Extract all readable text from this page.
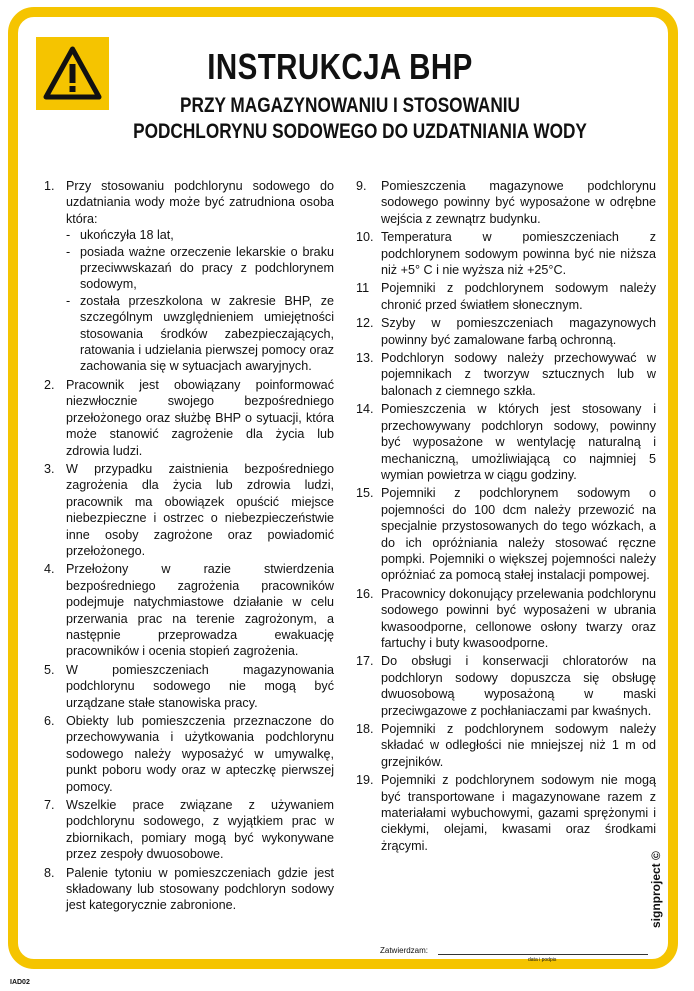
INSTRUKCJA BHP
PRZY MAGAZYNOWANIU I STOSOWANIU
PODCHLORYNU SODOWEGO DO UZDATNIANIA WODY
1. Przy stosowaniu podchlorynu sodowego do uzdatniania wody może być zatrudniona osoba która:
- ukończyła 18 lat,
- posiada ważne orzeczenie lekarskie o braku przeciwwskazań do pracy z podchlorynem sodowym,
- została przeszkolona w zakresie BHP, ze szczególnym uwzględnieniem umiejętności stosowania środków zabezpieczających, ratowania i udzielania pierwszej pomocy oraz zachowania się w sytuacjach awaryjnych.
2. Pracownik jest obowiązany poinformować niezwłocznie swojego bezpośredniego przełożonego oraz służbę BHP o sytuacji, która może stanowić zagrożenie dla życia lub zdrowia ludzi.
3. W przypadku zaistnienia bezpośredniego zagrożenia dla życia lub zdrowia ludzi, pracownik ma obowiązek opuścić miejsce niebezpieczne i ostrzec o niebezpieczeństwie inne osoby zagrożone oraz powiadomić przełożonego.
4. Przełożony w razie stwierdzenia bezpośredniego zagrożenia pracowników podejmuje natychmiastowe działanie w celu przerwania prac na terenie zagrożonym, a następnie przeprowadza ewakuację pracowników i ocenia stopień zagrożenia.
5. W pomieszczeniach magazynowania podchlorynu sodowego nie mogą być urządzane stałe stanowiska pracy.
6. Obiekty lub pomieszczenia przeznaczone do przechowywania i użytkowania podchlorynu sodowego należy wyposażyć w umywalkę, punkt poboru wody oraz w apteczkę pierwszej pomocy.
7. Wszelkie prace związane z używaniem podchlorynu sodowego, z wyjątkiem prac w zbiornikach, pomiary mogą być wykonywane przez zespoły dwuosobowe.
8. Palenie tytoniu w pomieszczeniach gdzie jest składowany lub stosowany podchloryn sodowy jest kategorycznie zabronione.
9.	Pomieszczenia magazynowe podchlorynu sodowego powinny być wyposażone w odrębne wejścia z zewnątrz budynku.
10. Temperatura w pomieszczeniach z podchlorynem sodowym powinna być nie niższa niż +5° C i nie wyższa niż +25°C.
11 Pojemniki z podchlorynem sodowym należy chronić przed światłem słonecznym.
12. Szyby w pomieszczeniach magazynowych powinny być zamalowane farbą ochronną.
13. Podchloryn sodowy należy przechowywać w pojemnikach z tworzyw sztucznych lub w balonach z ciemnego szkła.
14. Pomieszczenia w których jest stosowany i przechowywany podchloryn sodowy, powinny być wyposażone w wentylację naturalną i mechaniczną, umożliwiającą co najmniej 5 wymian powietrza w ciągu godziny.
15. Pojemniki z podchlorynem sodowym o pojemności do 100 dcm należy przewozić na specjalnie przystosowanych do tego wózkach, a do ich opróżniania należy stosować ręczne pompki. Pojemniki o większej pojemności należy opróżniać za pomocą stałej instalacji pompowej.
16. Pracownicy dokonujący przelewania podchlorynu sodowego powinni być wyposażeni w ubrania kwasoodporne, cellonowe osłony twarzy oraz fartuchy i buty kwasoodporne.
17. Do obsługi i konserwacji chloratorów na podchloryn sodowy dopuszcza się obsługę dwuosobową wyposażoną w maski przeciwgazowe z pochłaniaczami par kwaśnych.
18. Pojemniki z podchlorynem sodowym należy składać w odległości nie mniejszej niż 1 m od grzejników.
19. Pojemniki z podchlorynem sodowym nie mogą być transportowane i magazynowane razem z materiałami wybuchowymi, gazami sprężonymi i ciekłymi, olejami, kwasami oraz środkami żrącymi.
Zatwierdzam:
data i podpis
signproject ©
IAD02
